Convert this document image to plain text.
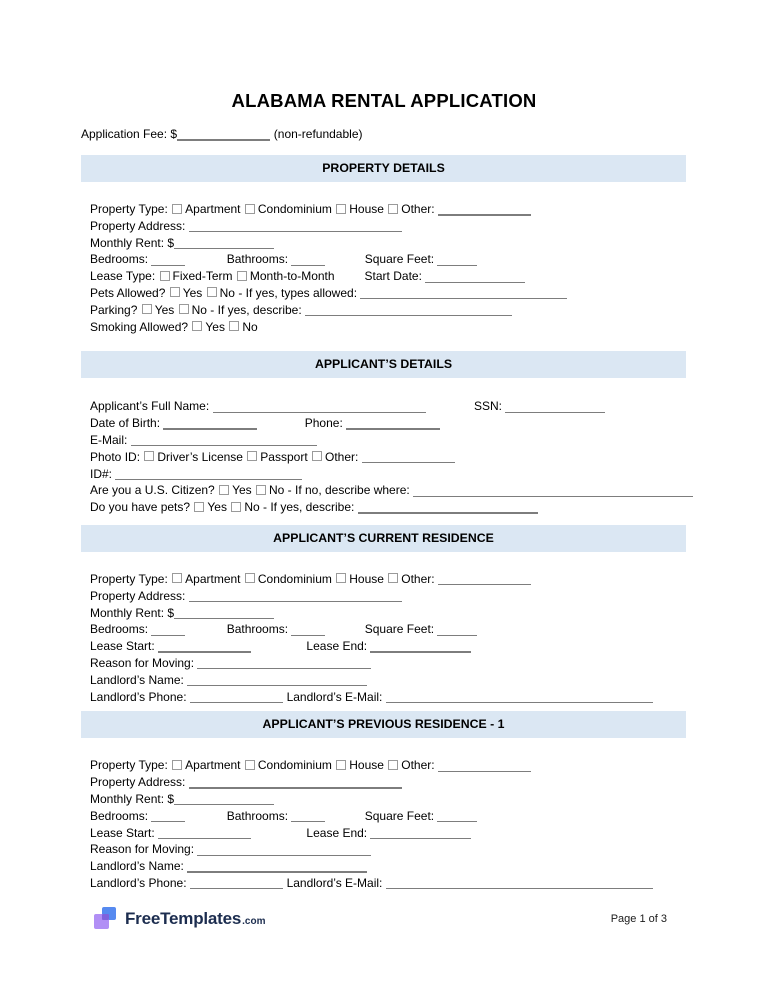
ALABAMA RENTAL APPLICATION
Application Fee: $	(non-refundable)
PROPERTY DETAILS
Property Type: Apartment Condominium House Other:
Property Address:
Monthly Rent: $
Bedrooms:	Bathrooms:	Square Feet:
Lease Type: Fixed-Term Month-to-Month	Start Date:
Pets Allowed? Yes No - If yes, types allowed:
Parking? Yes No - If yes, describe:
Smoking Allowed? Yes No
APPLICANT’S DETAILS
Applicant’s Full Name:	SSN:
Date of Birth:	Phone:
E-Mail:
Photo ID: Driver’s License Passport Other:
ID#:
Are you a U.S. Citizen? Yes No - If no, describe where:
Do you have pets? Yes No - If yes, describe:
APPLICANT’S CURRENT RESIDENCE
Property Type: Apartment Condominium House Other:
Property Address:
Monthly Rent: $
Bedrooms:	Bathrooms:	Square Feet:
Lease Start:	Lease End:
Reason for Moving:
Landlord’s Name:
Landlord’s Phone:	Landlord’s E-Mail:
APPLICANT’S PREVIOUS RESIDENCE - 1
Property Type: Apartment Condominium House Other:
Property Address:
Monthly Rent: $
Bedrooms:	Bathrooms:	Square Feet:
Lease Start:	Lease End:
Reason for Moving:
Landlord’s Name:
Landlord’s Phone:	Landlord’s E-Mail:
FreeTemplates .com	Page 1 of 3
